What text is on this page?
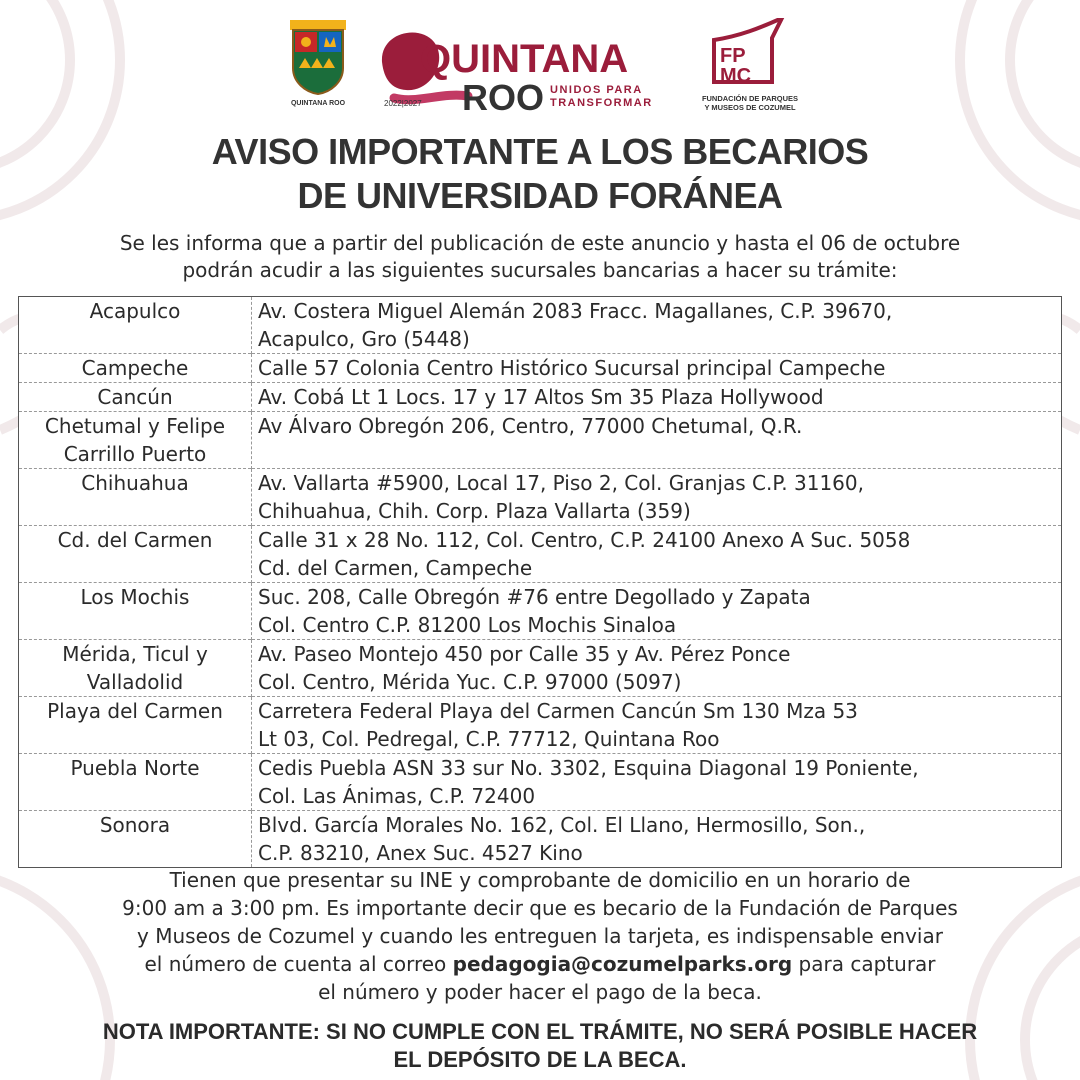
QUINTANA ROO
QUINTANA
ROO UNIDOS PARA
TRANSFORMAR
2022|2027
FP
MC
FUNDACIÓN DE PARQUES
Y MUSEOS DE COZUMEL
AVISO IMPORTANTE A LOS BECARIOS
DE UNIVERSIDAD FORÁNEA
Se les informa que a partir del publicación de este anuncio y hasta el 06 de octubre
podrán acudir a las siguientes sucursales bancarias a hacer su trámite:
Acapulco	Av. Costera Miguel Alemán 2083 Fracc. Magallanes, C.P. 39670,
Acapulco, Gro (5448)

Campeche	Calle 57 Colonia Centro Histórico Sucursal principal Campeche

Cancún	Av. Cobá Lt 1 Locs. 17 y 17 Altos Sm 35 Plaza Hollywood

Chetumal y Felipe
Carrillo Puerto	Av Álvaro Obregón 206, Centro, 77000 Chetumal, Q.R.

Chihuahua	Av. Vallarta #5900, Local 17, Piso 2, Col. Granjas C.P. 31160,
Chihuahua, Chih. Corp. Plaza Vallarta (359)

Cd. del Carmen	Calle 31 x 28 No. 112, Col. Centro, C.P. 24100 Anexo A Suc. 5058
Cd. del Carmen, Campeche

Los Mochis	Suc. 208, Calle Obregón #76 entre Degollado y Zapata
Col. Centro C.P. 81200 Los Mochis Sinaloa

Mérida, Ticul y
Valladolid	Av. Paseo Montejo 450 por Calle 35 y Av. Pérez Ponce
Col. Centro, Mérida Yuc. C.P. 97000 (5097)

Playa del Carmen	Carretera Federal Playa del Carmen Cancún Sm 130 Mza 53
Lt 03, Col. Pedregal, C.P. 77712, Quintana Roo

Puebla Norte	Cedis Puebla ASN 33 sur No. 3302, Esquina Diagonal 19 Poniente,
Col. Las Ánimas, C.P. 72400

Sonora	Blvd. García Morales No. 162, Col. El Llano, Hermosillo, Son.,
C.P. 83210, Anex Suc. 4527 Kino
Tienen que presentar su INE y comprobante de domicilio en un horario de
9:00 am a 3:00 pm. Es importante decir que es becario de la Fundación de Parques
y Museos de Cozumel y cuando les entreguen la tarjeta, es indispensable enviar
el número de cuenta al correo pedagogia@cozumelparks.org para capturar
el número y poder hacer el pago de la beca.
NOTA IMPORTANTE: SI NO CUMPLE CON EL TRÁMITE, NO SERÁ POSIBLE HACER
EL DEPÓSITO DE LA BECA.
